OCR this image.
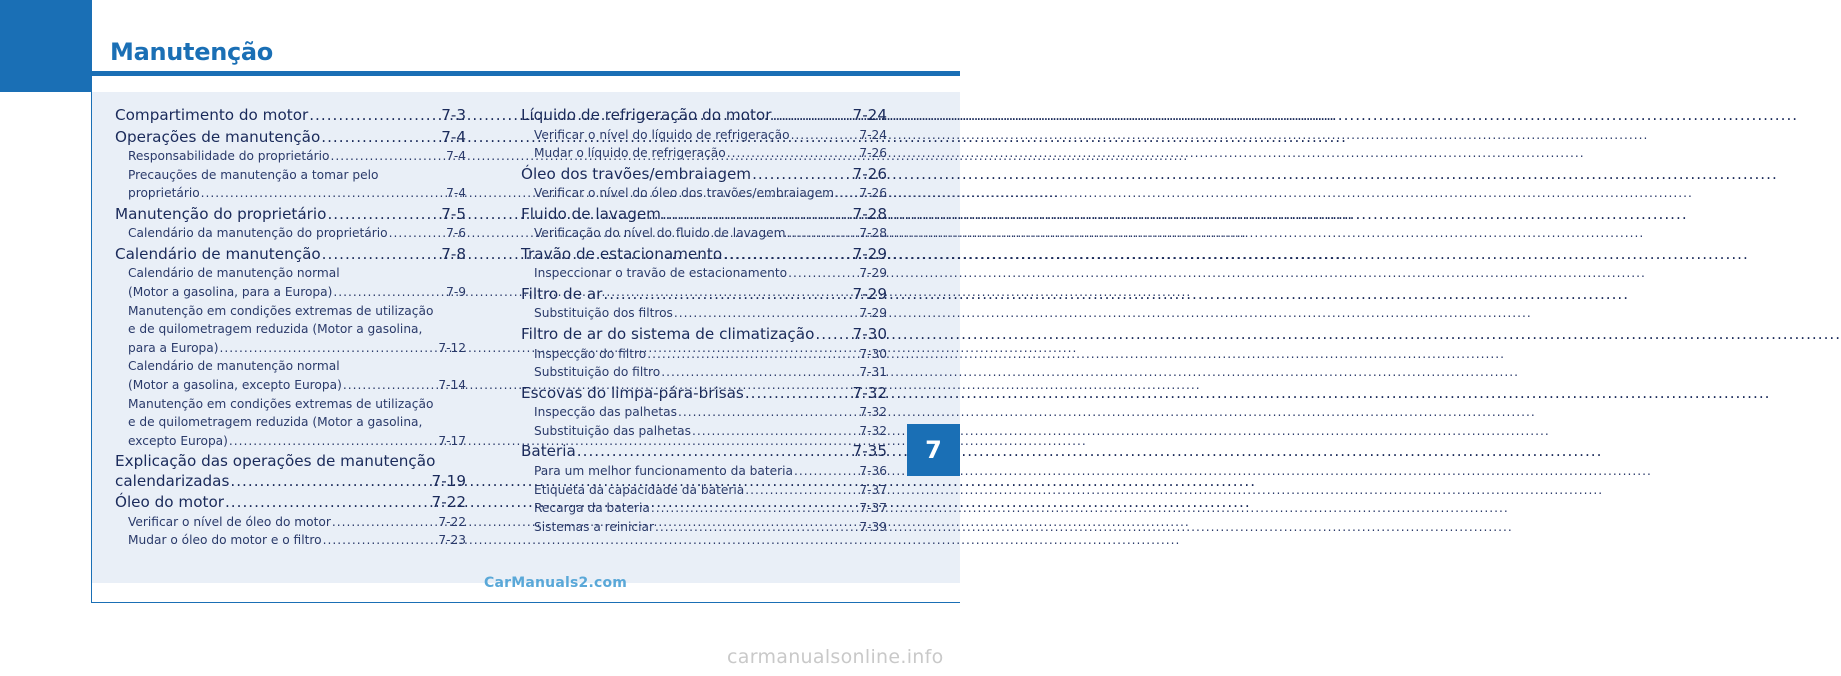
Manutenção
Compartimento do motor .....	7-3
Operações de manutenção .....	7-4
Responsabilidade do proprietário .....	7-4
Precauções de manutenção a tomar pelo
proprietário .....	7-4
Manutenção do proprietário .....	7-5
Calendário da manutenção do proprietário .....	7-6
Calendário de manutenção .....	7-8
Calendário de manutenção normal
(Motor a gasolina, para a Europa) .....	7-9
Manutenção em condições extremas de utilização
e de quilometragem reduzida (Motor a gasolina,
para a Europa) .....	7-12
Calendário de manutenção normal
(Motor a gasolina, excepto Europa) .....	7-14
Manutenção em condições extremas de utilização
e de quilometragem reduzida (Motor a gasolina,
excepto Europa) .....	7-17
Explicação das operações de manutenção
calendarizadas .....	7-19
Óleo do motor .....	7-22
Verificar o nível de óleo do motor .....	7-22
Mudar o óleo do motor e o filtro .....	7-23
Líquido de refrigeração do motor .....	7-24
Verificar o nível do líquido de refrigeração .....	7-24
Mudar o líquido de refrigeração .....	7-26
Óleo dos travões/embraiagem .....	7-26
Verificar o nível do óleo dos travões/embraiagem ..... 7-26
Fluido de lavagem .....	7-28
Verificação do nível do fluido de lavagem .....	7-28
Travão de estacionamento .....	7-29
Inspeccionar o travão de estacionamento .....	7-29
Filtro de ar .....	7-29
Substituição dos filtros .....	7-29
Filtro de ar do sistema de climatização .....	7-30
Inspecção do filtro .....	7-30
Substituição do filtro .....	7-31
Escovas do limpa-pára-brisas .....	7-32
Inspecção das palhetas .....	7-32
Substituição das palhetas .....	7-32
Bateria .....	7-35
Para um melhor funcionamento da bateria .....	7-36
Etiqueta da capacidade da bateria .....	7-37
Recarga da bateria .....	7-37
Sistemas a reiniciar .....	7-39
7
CarManuals2.com
carmanualsonline.info
